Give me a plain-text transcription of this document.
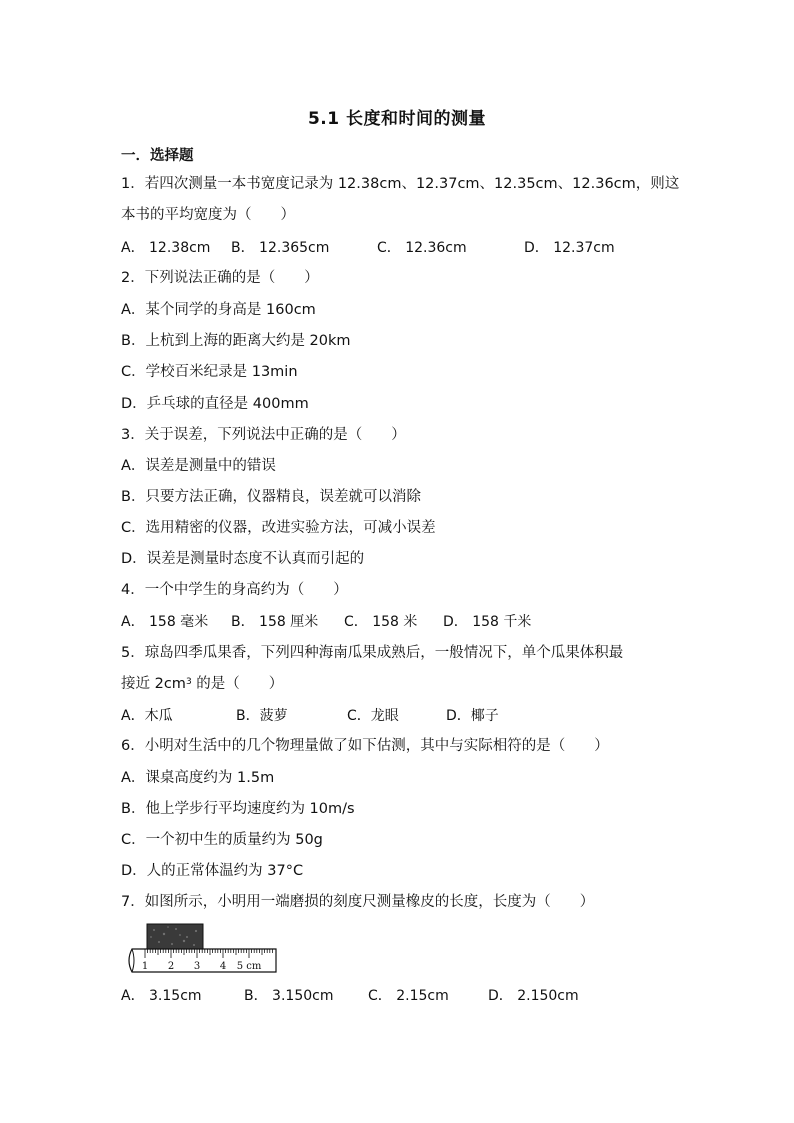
5.1 长度和时间的测量
一．选择题
1．若四次测量一本书宽度记录为 12.38cm、12.37cm、12.35cm、12.36cm，则这
本书的平均宽度为（　　）
A． 12.38cm B． 12.365cm	C． 12.36cm	D． 12.37cm
2．下列说法正确的是（　　）
A．某个同学的身高是 160cm
B．上杭到上海的距离大约是 20km
C．学校百米纪录是 13min
D．乒乓球的直径是 400mm
3．关于误差，下列说法中正确的是（　　）
A．误差是测量中的错误
B．只要方法正确，仪器精良，误差就可以消除
C．选用精密的仪器，改进实验方法，可减小误差
D．误差是测量时态度不认真而引起的
4．一个中学生的身高约为（　　）
A． 158 毫米 B． 158 厘米 C． 158 米 D． 158 千米
5．琼岛四季瓜果香，下列四种海南瓜果成熟后，一般情况下，单个瓜果体积最
接近 $2cm^3$ 的是（　　）
A．木瓜	B．菠萝	C．龙眼	D．椰子
6．小明对生活中的几个物理量做了如下估测，其中与实际相符的是（　　）
A．课桌高度约为 1.5m
B．他上学步行平均速度约为 10m/s
C．一个初中生的质量约为 50g
D．人的正常体温约为 37°C
7．如图所示，小明用一端磨损的刻度尺测量橡皮的长度，长度为（　　）
1 2 3 4 5 cm
A． 3.15cm	B． 3.150cm C． 2.15cm	D． 2.150cm
